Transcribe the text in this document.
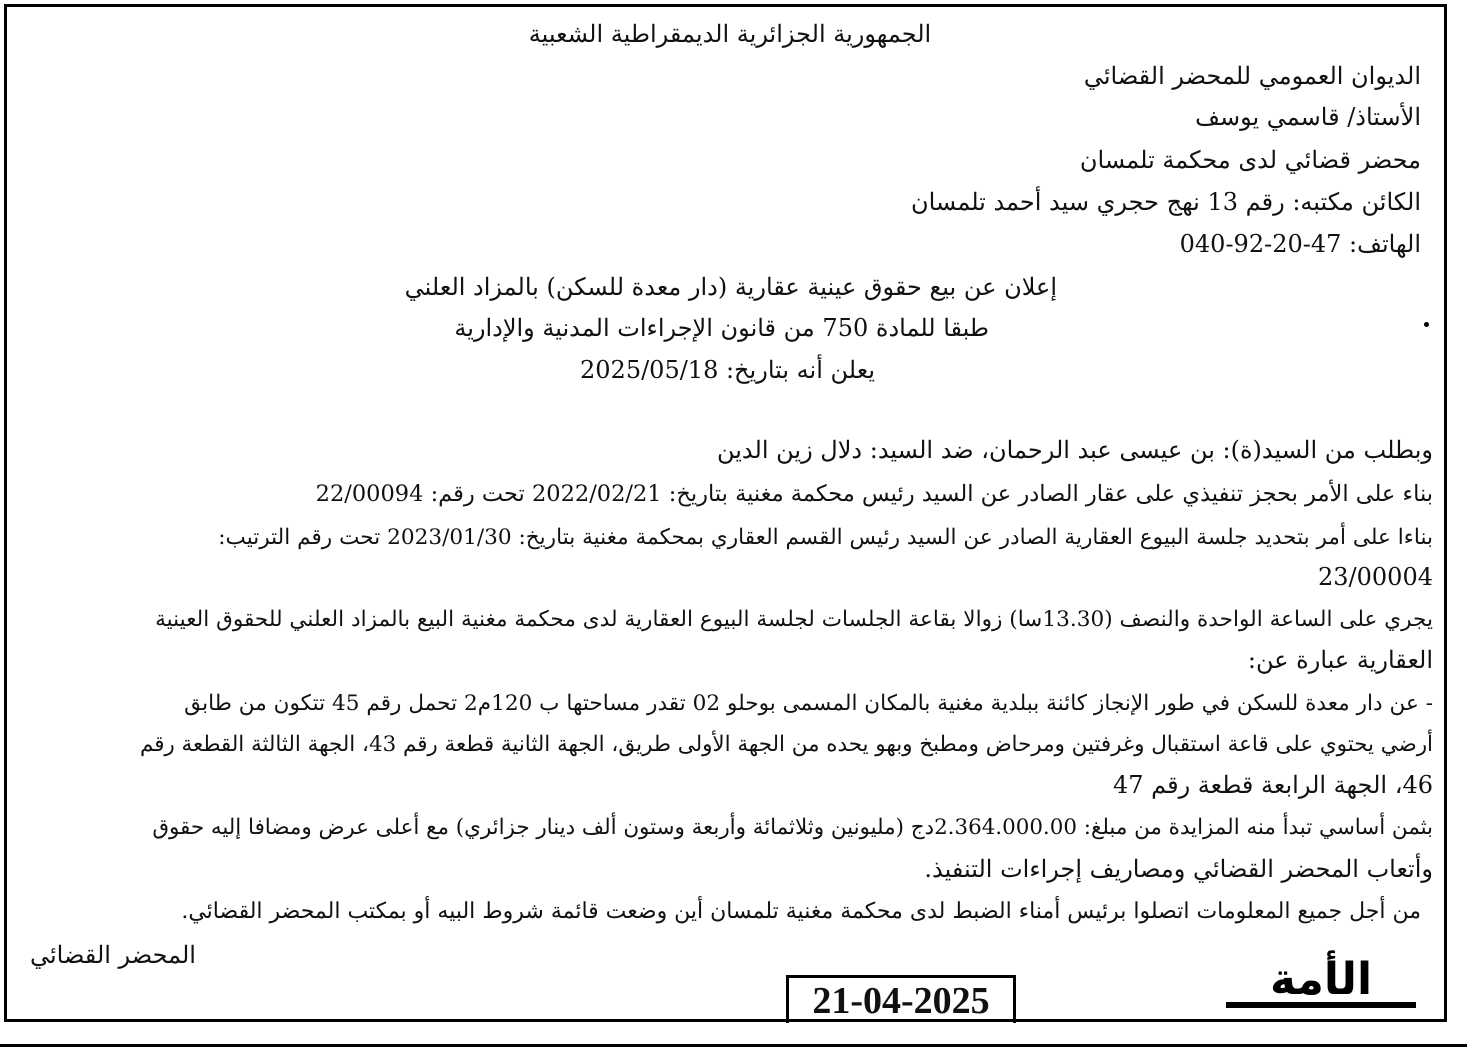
الجمهورية الجزائرية الديمقراطية الشعبية
الديوان العمومي للمحضر القضائي
الأستاذ/ قاسمي يوسف
محضر قضائي لدى محكمة تلمسان
الكائن مكتبه: رقم 13 نهج حجري سيد أحمد تلمسان
الهاتف: 47-20-92-040
إعلان عن بيع حقوق عينية عقارية (دار معدة للسكن) بالمزاد العلني
طبقا للمادة 750 من قانون الإجراءات المدنية والإدارية
يعلن أنه بتاريخ: 2025/05/18
وبطلب من السيد(ة): بن عيسى عبد الرحمان، ضد السيد: دلال زين الدين
بناء على الأمر بحجز تنفيذي على عقار الصادر عن السيد رئيس محكمة مغنية بتاريخ: 2022/02/21 تحت رقم: 22/00094
بناءا على أمر بتحديد جلسة البيوع العقارية الصادر عن السيد رئيس القسم العقاري بمحكمة مغنية بتاريخ: 2023/01/30 تحت رقم الترتيب:
23/00004
يجري على الساعة الواحدة والنصف (13.30سا) زوالا بقاعة الجلسات لجلسة البيوع العقارية لدى محكمة مغنية البيع بالمزاد العلني للحقوق العينية
العقارية عبارة عن:
- عن دار معدة للسكن في طور الإنجاز كائنة ببلدية مغنية بالمكان المسمى بوحلو 02 تقدر مساحتها ب 120م2 تحمل رقم 45 تتكون من طابق
أرضي يحتوي على قاعة استقبال وغرفتين ومرحاض ومطبخ وبهو يحده من الجهة الأولى طريق، الجهة الثانية قطعة رقم 43، الجهة الثالثة القطعة رقم
46، الجهة الرابعة قطعة رقم 47
بثمن أساسي تبدأ منه المزايدة من مبلغ: 2.364.000.00دج (مليونين وثلاثمائة وأربعة وستون ألف دينار جزائري) مع أعلى عرض ومضافا إليه حقوق
وأتعاب المحضر القضائي ومصاريف إجراءات التنفيذ.
من أجل جميع المعلومات اتصلوا برئيس أمناء الضبط لدى محكمة مغنية تلمسان أين وضعت قائمة شروط البيه أو بمكتب المحضر القضائي.
المحضر القضائي
21-04-2025	الأمة
